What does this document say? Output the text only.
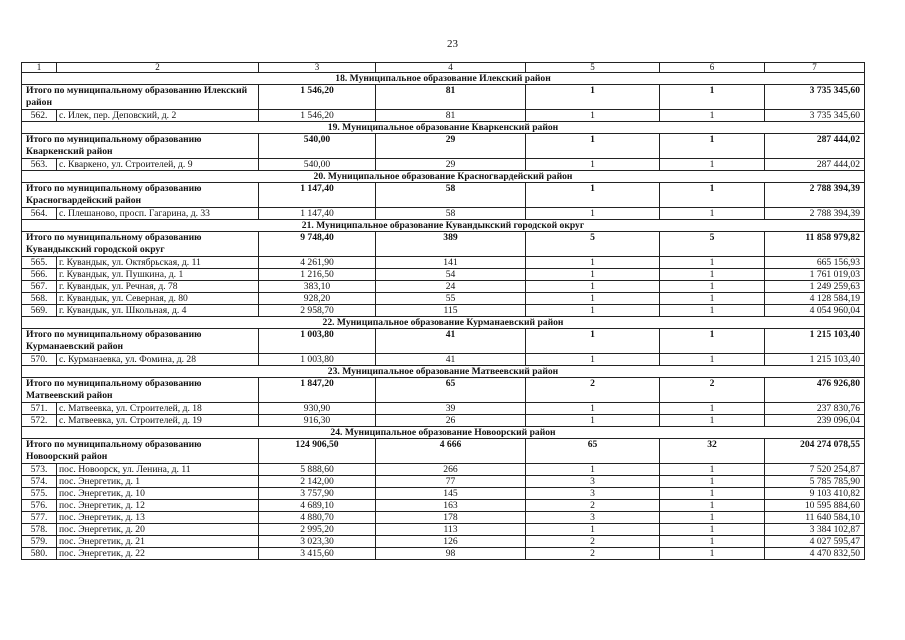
23
1	2	3	4	5	6	7
18. Муниципальное образование Илекский район						
Итого по муниципальному образованию Илекский район		1 546,20	81	1	1	3 735 345,60
562.	с. Илек, пер. Деповский, д. 2	1 546,20	81	1	1	3 735 345,60
19. Муниципальное образование Кваркенский район						
Итого по муниципальному образованию Кваркенский район		540,00	29	1	1	287 444,02
563.	с. Кваркено, ул. Строителей, д. 9	540,00	29	1	1	287 444,02
20. Муниципальное образование Красногвардейский район						
Итого по муниципальному образованию Красногвардейский район		1 147,40	58	1	1	2 788 394,39
564.	с. Плешаново, просп. Гагарина, д. 33	1 147,40	58	1	1	2 788 394,39
21. Муниципальное образование Кувандыкский городской округ						
Итого по муниципальному образованию Кувандыкский городской округ		9 748,40	389	5	5	11 858 979,82
565.	г. Кувандык, ул. Октябрьская, д. 11	4 261,90	141	1	1	665 156,93
566.	г. Кувандык, ул. Пушкина, д. 1	1 216,50	54	1	1	1 761 019,03
567.	г. Кувандык, ул. Речная, д. 78	383,10	24	1	1	1 249 259,63
568.	г. Кувандык, ул. Северная, д. 80	928,20	55	1	1	4 128 584,19
569.	г. Кувандык, ул. Школьная, д. 4	2 958,70	115	1	1	4 054 960,04
22. Муниципальное образование Курманаевский район						
Итого по муниципальному образованию Курманаевский район		1 003,80	41	1	1	1 215 103,40
570.	с. Курманаевка, ул. Фомина, д. 28	1 003,80	41	1	1	1 215 103,40
23. Муниципальное образование Матвеевский район						
Итого по муниципальному образованию Матвеевский район		1 847,20	65	2	2	476 926,80
571.	с. Матвеевка, ул. Строителей, д. 18	930,90	39	1	1	237 830,76
572.	с. Матвеевка, ул. Строителей, д. 19	916,30	26	1	1	239 096,04
24. Муниципальное образование Новоорский район						
Итого по муниципальному образованию Новоорский район		124 906,50	4 666	65	32	204 274 078,55
573.	пос. Новоорск, ул. Ленина, д. 11	5 888,60	266	1	1	7 520 254,87
574.	пос. Энергетик, д. 1	2 142,00	77	3	1	5 785 785,90
575.	пос. Энергетик, д. 10	3 757,90	145	3	1	9 103 410,82
576.	пос. Энергетик, д. 12	4 689,10	163	2	1	10 595 884,60
577.	пос. Энергетик, д. 13	4 880,70	178	3	1	11 640 584,10
578.	пос. Энергетик, д. 20	2 995,20	113	1	1	3 384 102,87
579.	пос. Энергетик, д. 21	3 023,30	126	2	1	4 027 595,47
580.	пос. Энергетик, д. 22	3 415,60	98	2	1	4 470 832,50
